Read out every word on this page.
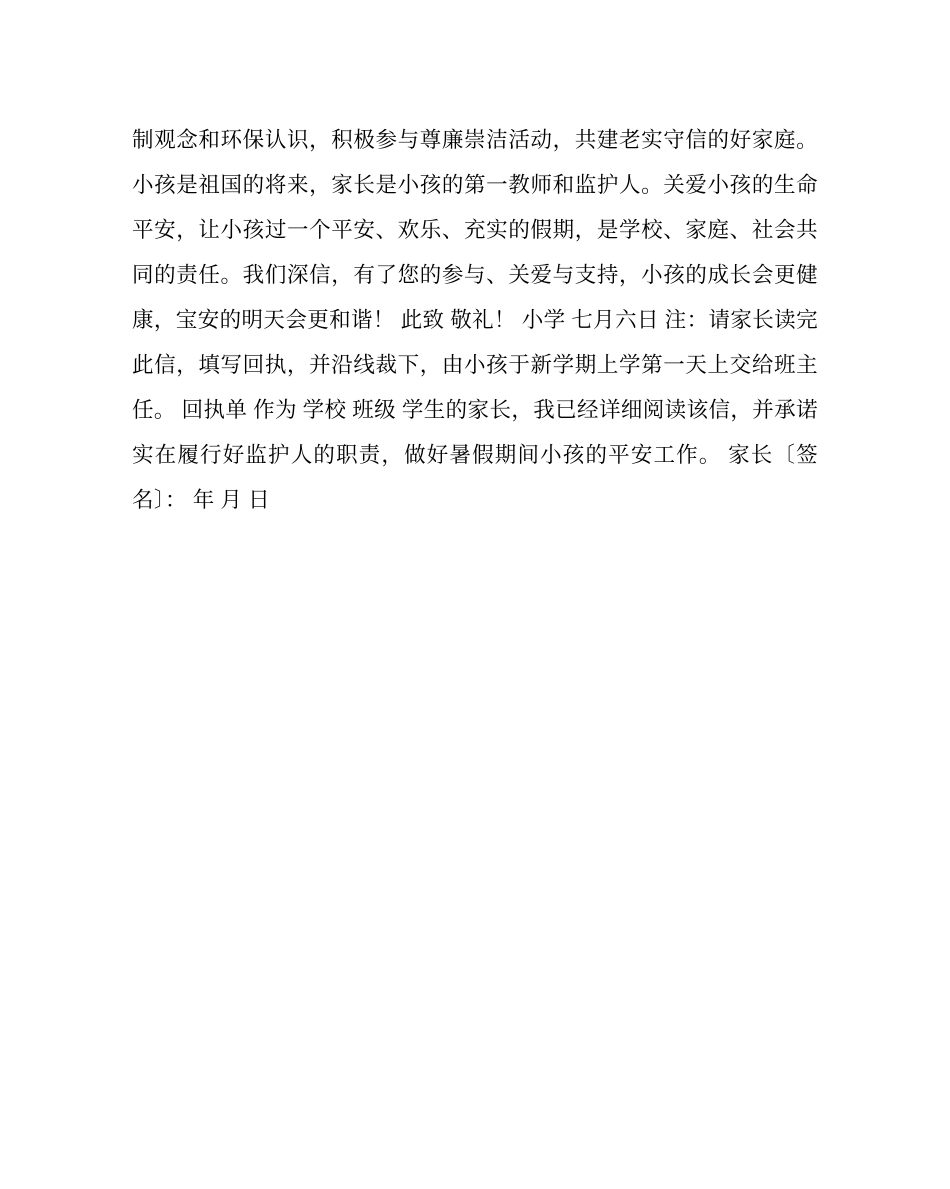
制观念和环保认识，积极参与尊廉崇洁活动，共建老实守信的好家庭。 小孩是祖国的将来，家长是小孩的第一教师和监护人。关爱小孩的生命平安，让小孩过一个平安、欢乐、充实的假期，是学校、家庭、社会共同的责任。我们深信，有了您的参与、关爱与支持，小孩的成长会更健康，宝安的明天会更和谐！ 此致 敬礼！ 小学 七月六日 注：请家长读完此信，填写回执，并沿线裁下，由小孩于新学期上学第一天上交给班主任。 回执单 作为 学校 班级 学生的家长，我已经详细阅读该信，并承诺实在履行好监护人的职责，做好暑假期间小孩的平安工作。 家长〔签名〕： 年 月 日
